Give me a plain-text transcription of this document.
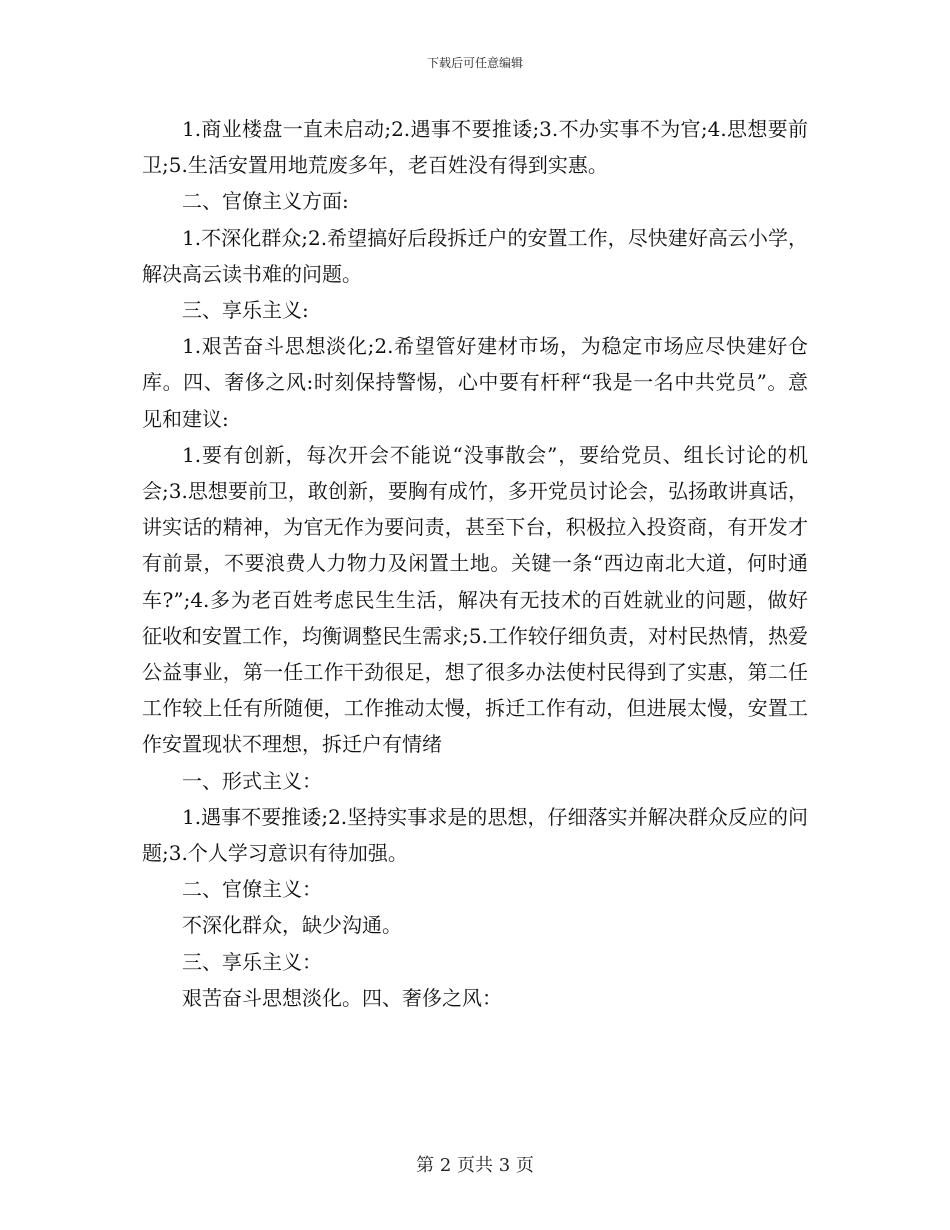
下载后可任意编辑

1.商业楼盘一直未启动;2.遇事不要推诿;3.不办实事不为官;4.思想要前卫;5.生活安置用地荒废多年，老百姓没有得到实惠。

二、官僚主义方面:

1.不深化群众;2.希望搞好后段拆迁户的安置工作，尽快建好高云小学，解决高云读书难的问题。

三、享乐主义:

1.艰苦奋斗思想淡化;2.希望管好建材市场，为稳定市场应尽快建好仓库。四、奢侈之风:时刻保持警惕，心中要有杆秤“我是一名中共党员”。意见和建议:

1.要有创新，每次开会不能说“没事散会”，要给党员、组长讨论的机会;3.思想要前卫，敢创新，要胸有成竹，多开党员讨论会，弘扬敢讲真话，讲实话的精神，为官无作为要问责，甚至下台，积极拉入投资商，有开发才有前景，不要浪费人力物力及闲置土地。关键一条“西边南北大道，何时通车?”;4.多为老百姓考虑民生生活，解决有无技术的百姓就业的问题，做好征收和安置工作，均衡调整民生需求;5.工作较仔细负责，对村民热情，热爱公益事业，第一任工作干劲很足，想了很多办法使村民得到了实惠，第二任工作较上任有所随便，工作推动太慢，拆迁工作有动，但进展太慢，安置工作安置现状不理想，拆迁户有情绪

一、形式主义：

1.遇事不要推诿;2.坚持实事求是的思想，仔细落实并解决群众反应的问题;3.个人学习意识有待加强。

二、官僚主义：

不深化群众，缺少沟通。

三、享乐主义：

艰苦奋斗思想淡化。四、奢侈之风：

第 2 页共 3 页
